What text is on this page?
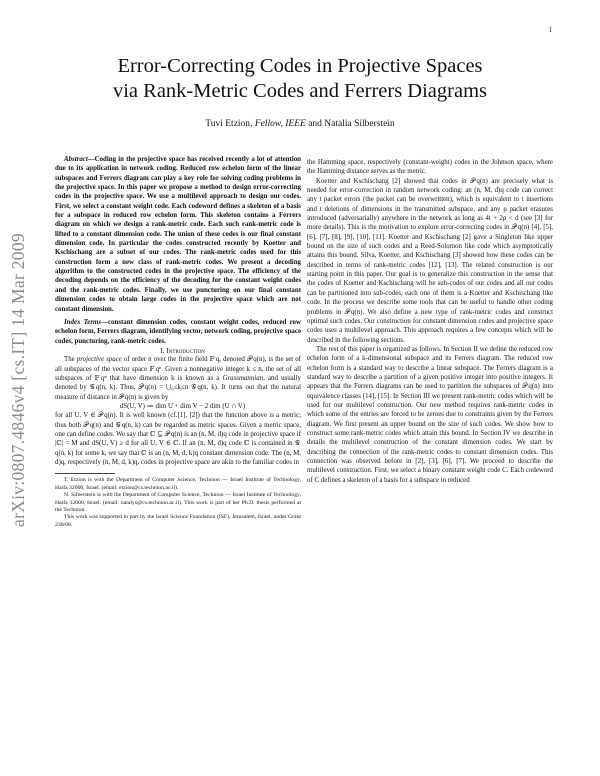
1
arXiv:0807.4846v4 [cs.IT] 14 Mar 2009
Error-Correcting Codes in Projective Spaces
via Rank-Metric Codes and Ferrers Diagrams
Tuvi Etzion, Fellow, IEEE and Natalia Silberstein

Abstract—Coding in the projective space has received recently a lot of attention due to its application in network coding. Reduced row echelon form of the linear subspaces and Ferrers diagram can play a key role for solving coding problems in the projective space. In this paper we propose a method to design error-correcting codes in the projective space. We use a multilevel approach to design our codes. First, we select a constant weight code. Each codeword defines a skeleton of a basis for a subspace in reduced row echelon form. This skeleton contains a Ferrers diagram on which we design a rank-metric code. Each such rank-metric code is lifted to a constant dimension code. The union of these codes is our final constant dimension code. In particular the codes constructed recently by Koetter and Kschischang are a subset of our codes. The rank-metric codes used for this construction form a new class of rank-metric codes. We present a decoding algorithm to the constructed codes in the projective space. The efficiency of the decoding depends on the efficiency of the decoding for the constant weight codes and the rank-metric codes. Finally, we use puncturing on our final constant dimension codes to obtain large codes in the projective space which are not constant dimension.

Index Terms—constant dimension codes, constant weight codes, reduced row echelon form, Ferrers diagram, identifying vector, network coding, projective space codes, puncturing, rank-metric codes.

I. Introduction

The projective space of order n over the finite field 𝔽 q, denoted 𝒫 q(n), is the set of all subspaces of the vector space 𝔽 qⁿ. Given a nonnegative integer k ≤ n, the set of all subspaces of 𝔽 qⁿ that have dimension k is known as a Grassmannian, and usually denoted by 𝒢 q(n, k). Thus, 𝒫 q(n) = ⋃₀≤k≤n 𝒢 q(n, k). It turns out that the natural measure of distance in 𝒫 q(n) is given by

dS(U, V) ≔ dim U + dim V − 2 dim (U ∩ V)

for all U, V ∈ 𝒫 q(n). It is well known (cf.[1], [2]) that the function above is a metric; thus both 𝒫 q(n) and 𝒢 q(n, k) can be regarded as metric spaces. Given a metric space, one can define codes. We say that ℂ ⊆ 𝒫 q(n) is an (n, M, d)q code in projective space if |ℂ| = M and dS(U, V) ≥ d for all U, V ∈ ℂ. If an (n, M, d)q code ℂ is contained in 𝒢 q(n, k) for some k, we say that ℂ is an (n, M, d, k)q constant dimension code. The (n, M, d)q, respectively (n, M, d, k)q, codes in projective space are akin to the familiar codes in

T. Etzion is with the Department of Computer Science, Technion — Israel Institute of Technology, Haifa 32000, Israel. (email: etzion@cs.technion.ac.il).

N. Silberstein is with the Department of Computer Science, Technion — Israel Institute of Technology, Haifa 32000, Israel. (email: natalys@cs.technion.ac.il). This work is part of her Ph.D. thesis performed at the Technion.

This work was supported in part by the Israel Science Foundation (ISF), Jerusalem, Israel, under Grant 230/08.

the Hamming space, respectively (constant-weight) codes in the Johnson space, where the Hamming distance serves as the metric.

Koetter and Kschischang [2] showed that codes in 𝒫 q(n) are precisely what is needed for error-correction in random network coding: an (n, M, d)q code can correct any t packet errors (the packet can be overwritten), which is equivalent to t insertions and t deletions of dimensions in the transmitted subspace, and any ρ packet erasures introduced (adversarially) anywhere in the network as long as 4t + 2ρ < d (see [3] for more details). This is the motivation to explore error-correcting codes in 𝒫 q(n) [4], [5], [6], [7], [8], [9], [10], [11]. Koetter and Kschischang [2] gave a Singleton like upper bound on the size of such codes and a Reed-Solomon like code which asymptotically attains this bound. Silva, Koetter, and Kschischang [3] showed how these codes can be described in terms of rank-metric codes [12], [13]. The related construction is our starting point in this paper. Our goal is to generalize this construction in the sense that the codes of Koetter and Kschischang will be sub-codes of our codes and all our codes can be partitioned into sub-codes, each one of them is a Koetter and Kschischang like code. In the process we describe some tools that can be useful to handle other coding problems in 𝒫 q(n). We also define a new type of rank-metric codes and construct optimal such codes. Our construction for constant dimension codes and projective space codes uses a multilevel approach. This approach requires a few concepts which will be described in the following sections.

The rest of this paper is organized as follows. In Section II we define the reduced row echelon form of a k-dimensional subspace and its Ferrers diagram. The reduced row echelon form is a standard way to describe a linear subspace. The Ferrers diagram is a standard way to describe a partition of a given positive integer into positive integers. It appears that the Ferrers diagrams can be used to partition the subspaces of 𝒫 q(n) into equivalence classes [14], [15]. In Section III we present rank-metric codes which will be used for our multilevel construction. Our new method requires rank-metric codes in which some of the entries are forced to be zeroes due to constraints given by the Ferrers diagram. We first present an upper bound on the size of such codes. We show how to construct some rank-metric codes which attain this bound. In Section IV we describe in details the multilevel construction of the constant dimension codes. We start by describing the connection of the rank-metric codes to constant dimension codes. This connection was observed before in [2], [3], [6], [7]. We proceed to describe the multilevel construction. First, we select a binary constant weight code C. Each codeword of C defines a skeleton of a basis for a subspace in reduced
